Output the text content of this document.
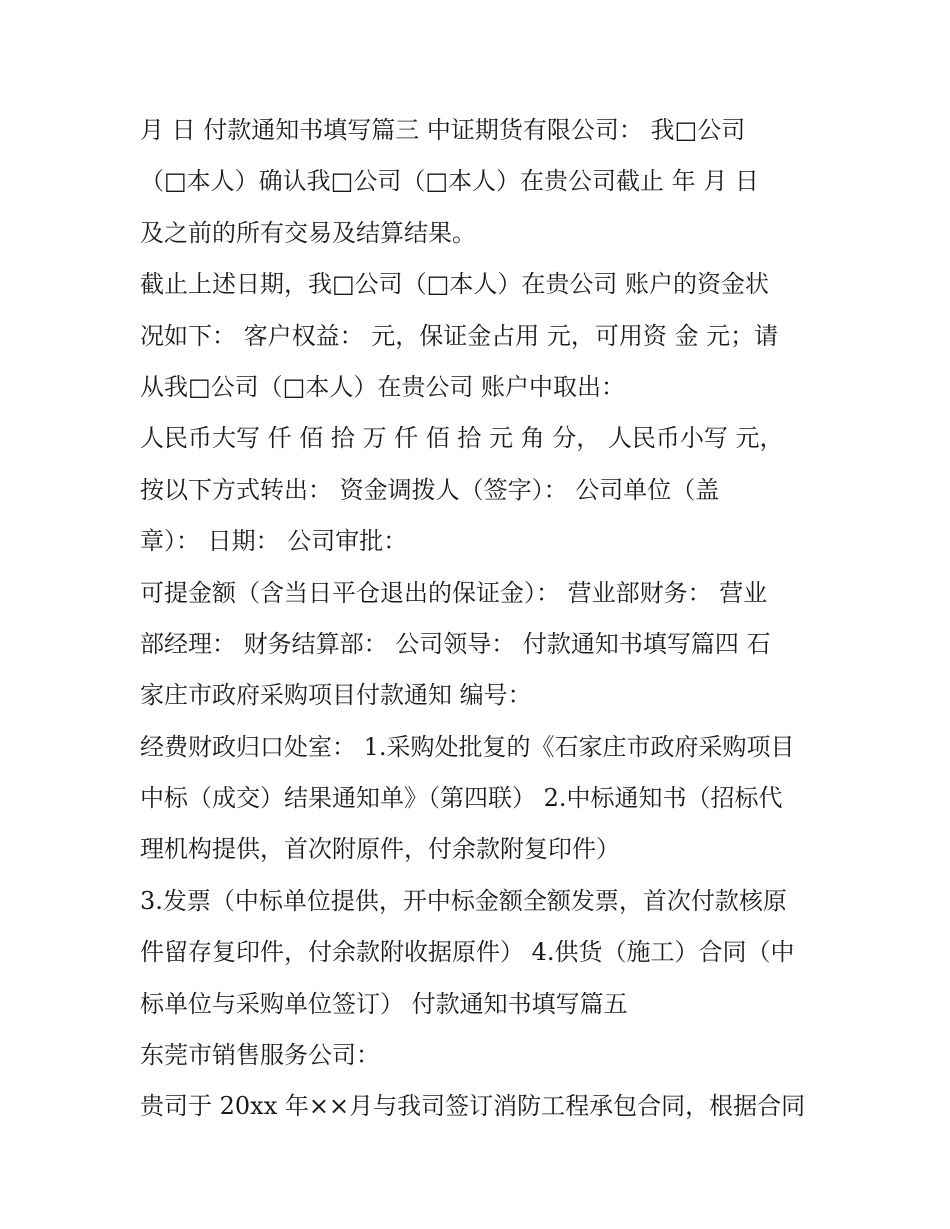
月 日 付款通知书填写篇三 中证期货有限公司： 我□公司
（□本人）确认我□公司（□本人）在贵公司截止 年 月 日
及之前的所有交易及结算结果。
截止上述日期，我□公司（□本人）在贵公司 账户的资金状
况如下： 客户权益： 元，保证金占用 元，可用资 金 元；请
从我□公司（□本人）在贵公司 账户中取出：
人民币大写 仟 佰 拾 万 仟 佰 拾 元 角 分， 人民币小写 元，
按以下方式转出： 资金调拨人（签字）： 公司单位（盖
章）： 日期： 公司审批：
可提金额（含当日平仓退出的保证金）： 营业部财务： 营业
部经理： 财务结算部： 公司领导： 付款通知书填写篇四 石
家庄市政府采购项目付款通知 编号：
经费财政归口处室： 1.采购处批复的《石家庄市政府采购项目
中标（成交）结果通知单》（第四联） 2.中标通知书（招标代
理机构提供，首次附原件，付余款附复印件）
3.发票（中标单位提供，开中标金额全额发票，首次付款核原
件留存复印件，付余款附收据原件） 4.供货（施工）合同（中
标单位与采购单位签订） 付款通知书填写篇五
东莞市销售服务公司：
贵司于 20xx 年××月与我司签订消防工程承包合同，根据合同
